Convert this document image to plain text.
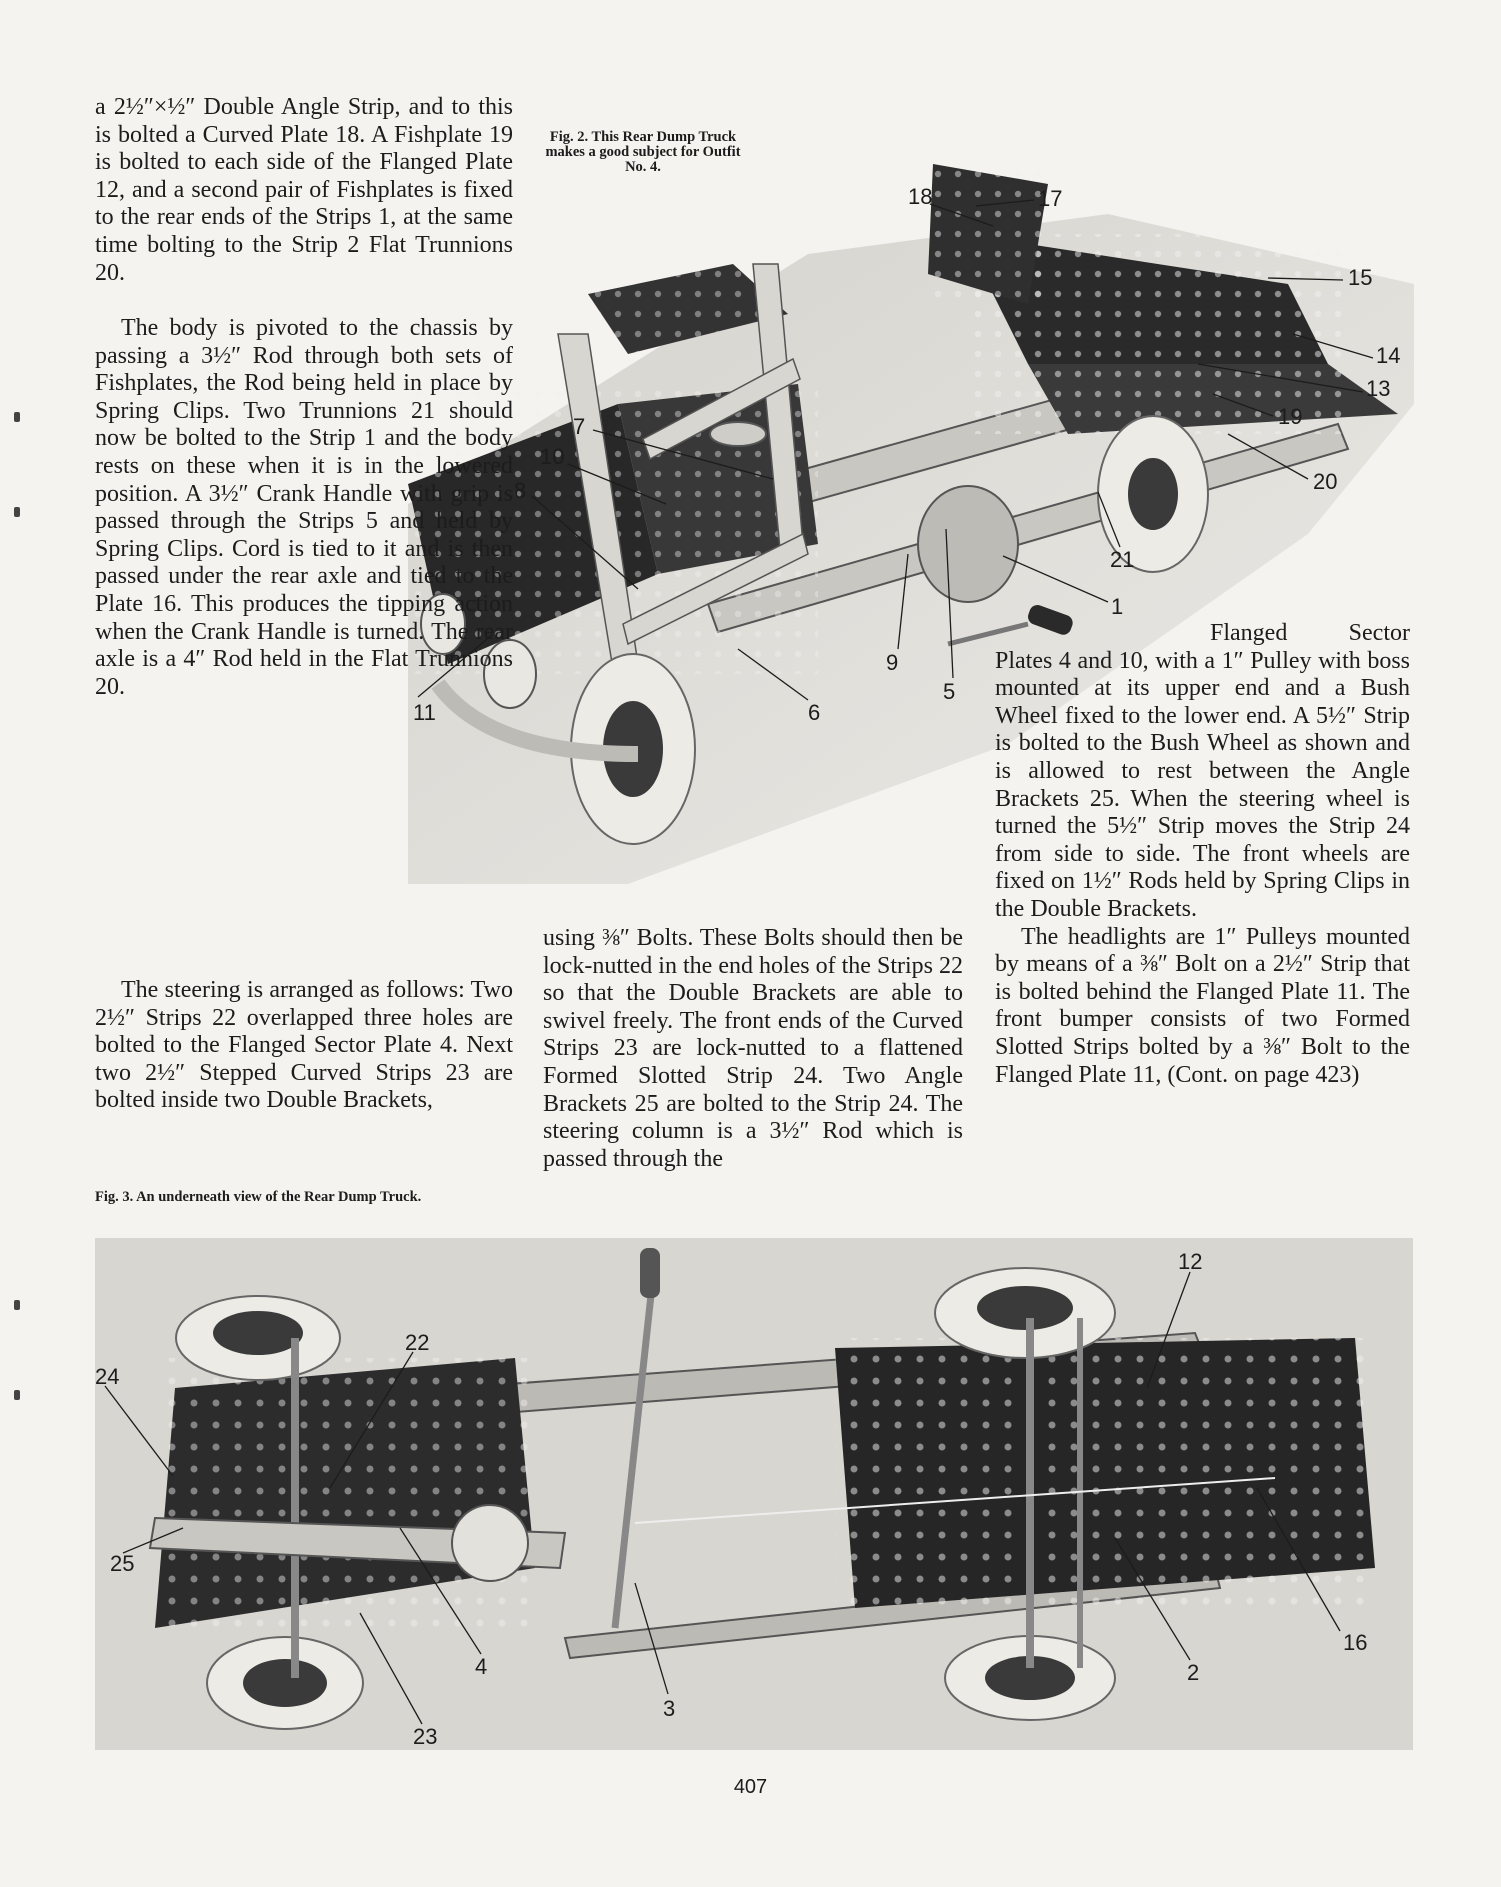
18	17
15
14
13
19
20
7
10
8
21
1
9
5
6
11
Fig. 2. This Rear Dump Truck makes a good subject for Outfit No. 4.

a 2½″×½″ Double Angle Strip, and to this is bolted a Curved Plate 18. A Fishplate 19 is bolted to each side of the Flanged Plate 12, and a second pair of Fishplates is fixed to the rear ends of the Strips 1, at the same time bolting to the Strip 2 Flat Trunnions 20.

The body is pivoted to the chassis by passing a 3½″ Rod through both sets of Fishplates, the Rod being held in place by Spring Clips. Two Trunnions 21 should now be bolted to the Strip 1 and the body rests on these when it is in the lowered position. A 3½″ Crank Handle with grip is passed through the Strips 5 and held by Spring Clips. Cord is tied to it and is then passed under the rear axle and tied to the Plate 16. This produces the tipping action when the Crank Handle is turned. The rear axle is a 4″ Rod held in the Flat Trunnions 20.

The steering is arranged as follows: Two 2½″ Strips 22 overlapped three holes are bolted to the Flanged Sector Plate 4. Next two 2½″ Stepped Curved Strips 23 are bolted inside two Double Brackets,

Fig. 3. An underneath view of the Rear Dump Truck.

using ⅜″ Bolts. These Bolts should then be lock-nutted in the end holes of the Strips 22 so that the Double Brackets are able to swivel freely. The front ends of the Curved Strips 23 are lock-nutted to a flattened Formed Slotted Strip 24. Two Angle Brackets 25 are bolted to the Strip 24. The steering column is a 3½″ Rod which is passed through the

Flanged Sector Plates 4 and 10, with a 1″ Pulley with boss mounted at its upper end and a Bush Wheel fixed to the lower end. A 5½″ Strip is bolted to the Bush Wheel as shown and is allowed to rest between the Angle Brackets 25. When the steering wheel is turned the 5½″ Strip moves the Strip 24 from side to side. The front wheels are fixed on 1½″ Rods held by Spring Clips in the Double Brackets.

The headlights are 1″ Pulleys mounted by means of a ⅜″ Bolt on a 2½″ Strip that is bolted behind the Flanged Plate 11. The front bumper consists of two Formed Slotted Strips bolted by a ⅜″ Bolt to the Flanged Plate 11, (Cont. on page 423)

12
22
24
25
4
23
3
2
16
407
